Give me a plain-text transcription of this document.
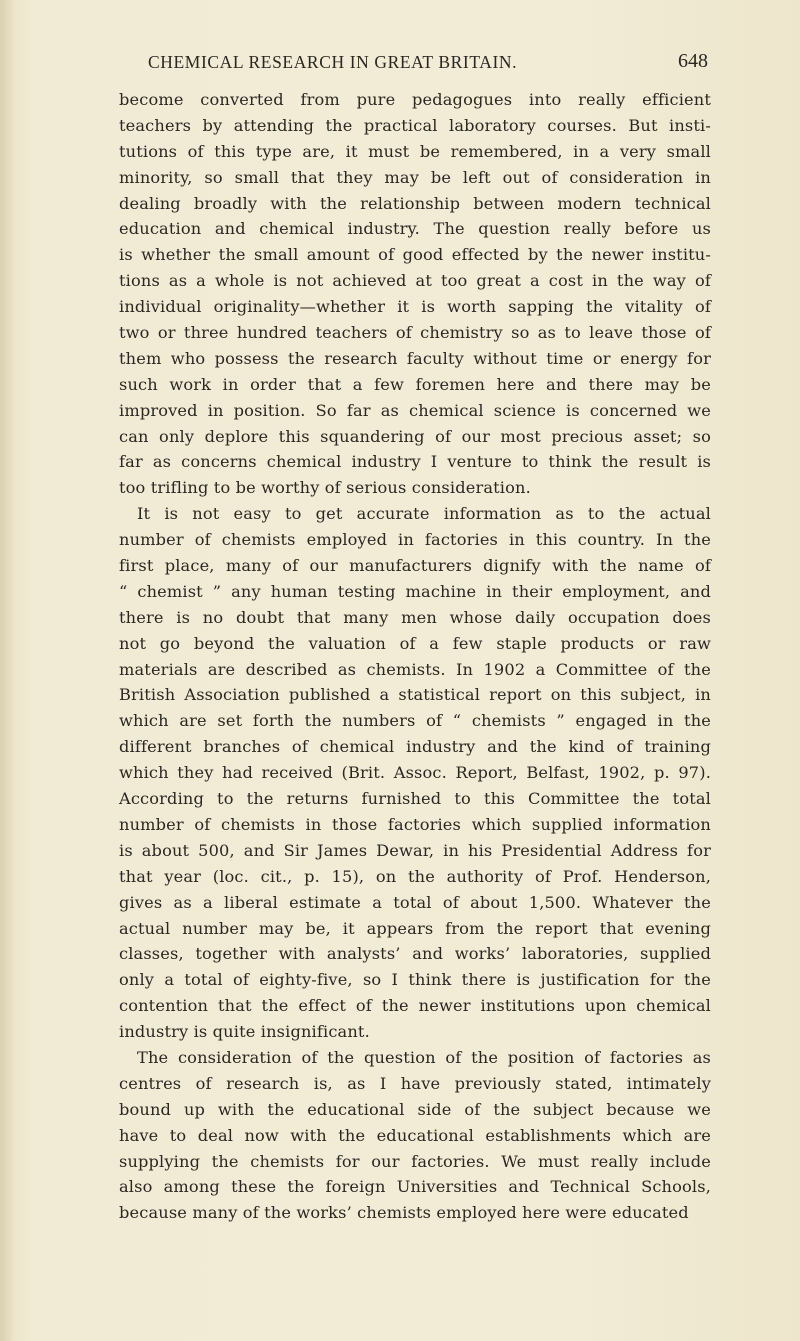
CHEMICAL RESEARCH IN GREAT BRITAIN.	648
become converted from pure pedagogues into really efficient
teachers by attending the practical laboratory courses. But insti-
tutions of this type are, it must be remembered, in a very small
minority, so small that they may be left out of consideration in
dealing broadly with the relationship between modern technical
education and chemical industry. The question really before us
is whether the small amount of good effected by the newer institu-
tions as a whole is not achieved at too great a cost in the way of
individual originality—whether it is worth sapping the vitality of
two or three hundred teachers of chemistry so as to leave those of
them who possess the research faculty without time or energy for
such work in order that a few foremen here and there may be
improved in position. So far as chemical science is concerned we
can only deplore this squandering of our most precious asset; so
far as concerns chemical industry I venture to think the result is
too trifling to be worthy of serious consideration.
It is not easy to get accurate information as to the actual
number of chemists employed in factories in this country. In the
first place, many of our manufacturers dignify with the name of
“ chemist ” any human testing machine in their employment, and
there is no doubt that many men whose daily occupation does
not go beyond the valuation of a few staple products or raw
materials are described as chemists. In 1902 a Committee of the
British Association published a statistical report on this subject, in
which are set forth the numbers of “ chemists ” engaged in the
different branches of chemical industry and the kind of training
which they had received (Brit. Assoc. Report, Belfast, 1902, p. 97).
According to the returns furnished to this Committee the total
number of chemists in those factories which supplied information
is about 500, and Sir James Dewar, in his Presidential Address for
that year (loc. cit., p. 15), on the authority of Prof. Henderson,
gives as a liberal estimate a total of about 1,500. Whatever the
actual number may be, it appears from the report that evening
classes, together with analysts’ and works’ laboratories, supplied
only a total of eighty-five, so I think there is justification for the
contention that the effect of the newer institutions upon chemical
industry is quite insignificant.
The consideration of the question of the position of factories as
centres of research is, as I have previously stated, intimately
bound up with the educational side of the subject because we
have to deal now with the educational establishments which are
supplying the chemists for our factories. We must really include
also among these the foreign Universities and Technical Schools,
because many of the works’ chemists employed here were educated
